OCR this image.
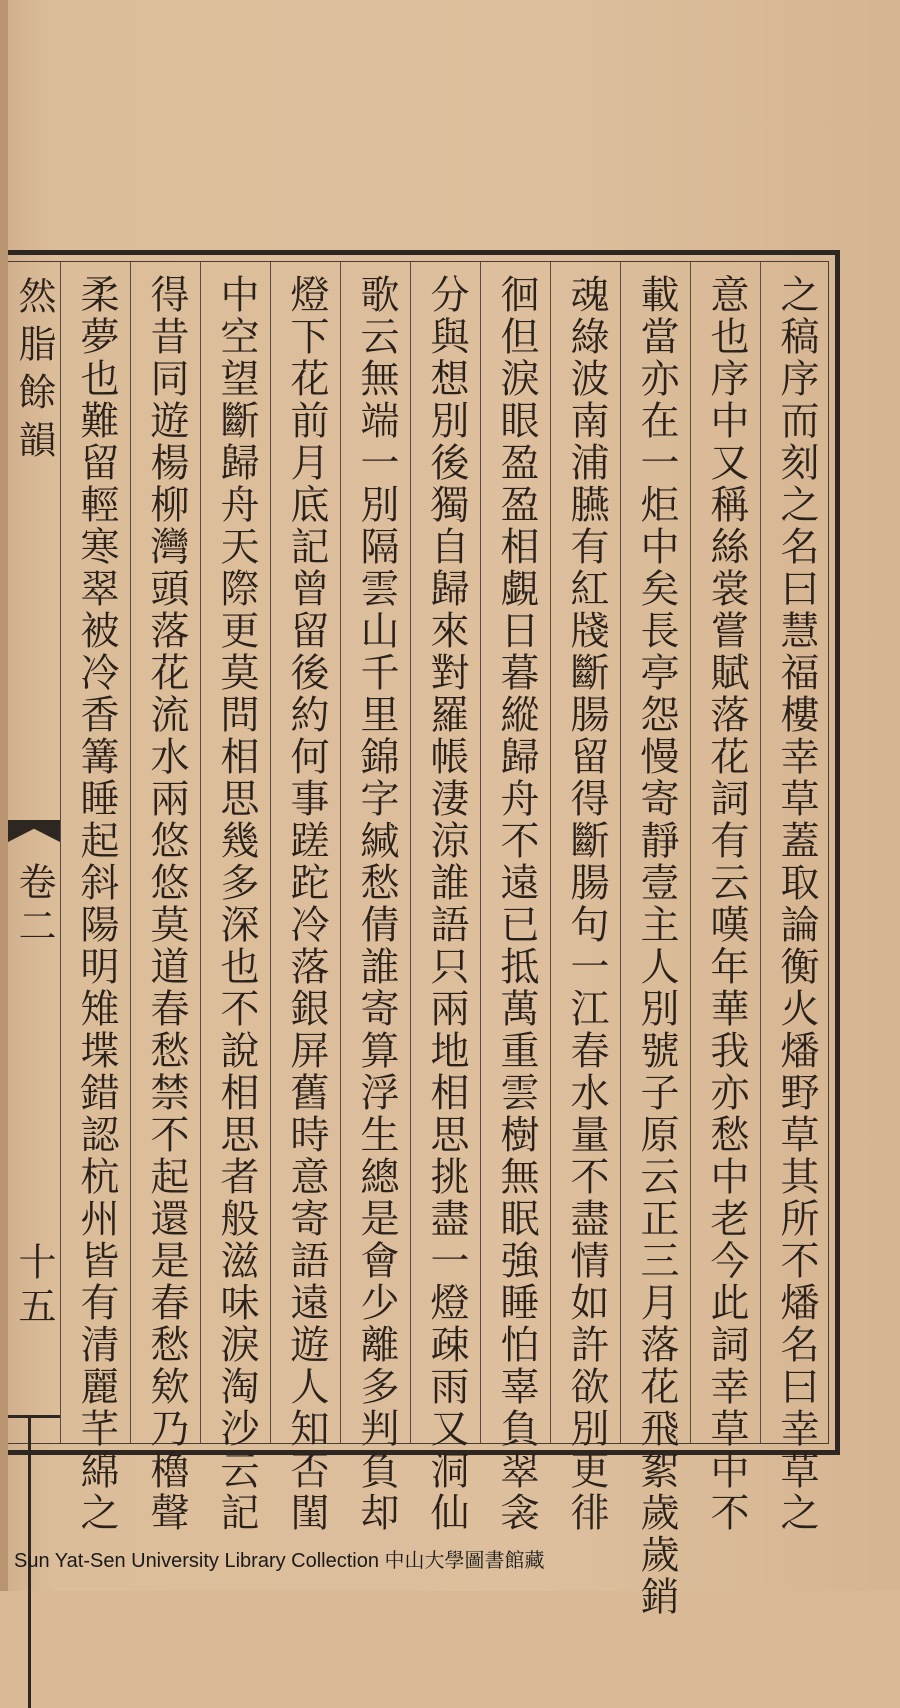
然脂餘韻
卷二
十五	之稿序而刻之名曰慧福樓幸草蓋取論衡火燔野草其所不燔名曰幸草之
意也序中又稱絲裳嘗賦落花詞有云嘆年華我亦愁中老今此詞幸草中不
載當亦在一炬中矣長亭怨慢寄靜壹主人別號子原云正三月落花飛絮歲歲銷
魂綠波南浦臙有紅牋斷腸留得斷腸句一江春水量不盡情如許欲別更徘
徊但淚眼盈盈相覷日暮縱歸舟不遠已抵萬重雲樹無眠強睡怕辜負翠衾
分與想別後獨自歸來對羅帳淒涼誰語只兩地相思挑盡一燈疎雨又洞仙
歌云無端一別隔雲山千里錦字緘愁倩誰寄算浮生總是會少離多判負却
燈下花前月底記曾留後約何事蹉跎冷落銀屏舊時意寄語遠遊人知否閨
中空望斷歸舟天際更莫問相思幾多深也不說相思者般滋味淚淘沙云記
得昔同遊楊柳灣頭落花流水兩悠悠莫道春愁禁不起還是春愁欸乃櫓聲
柔夢也難留輕寒翠被冷香篝睡起斜陽明雉堞錯認杭州皆有清麗芊綿之
Sun Yat-Sen University Library Collection 中山大學圖書館藏
